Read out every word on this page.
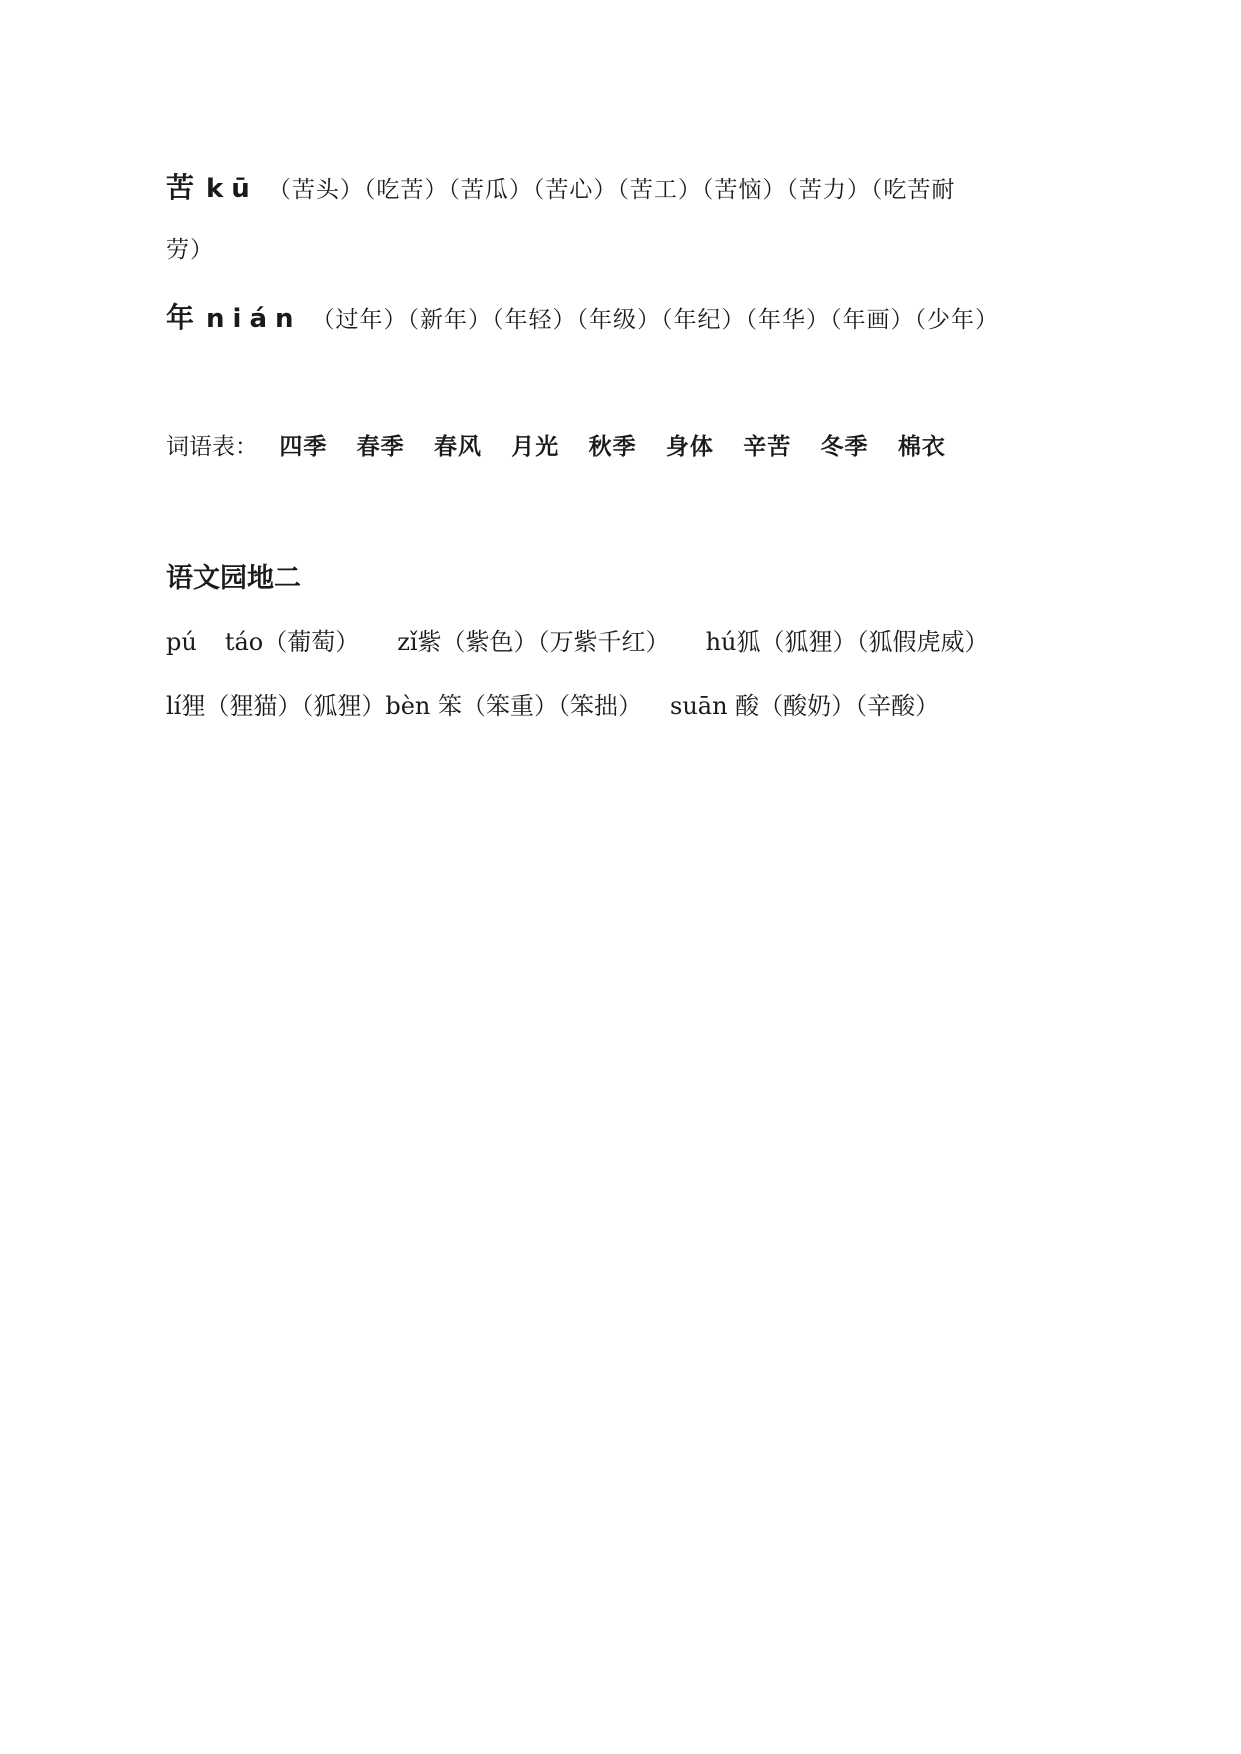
苦 kū （苦头）（吃苦）（苦瓜）（苦心）（苦工）（苦恼）（苦力）（吃苦耐
劳）
年 nián （过年）（新年）（年轻）（年级）（年纪）（年华）（年画）（少年）
词语表： 四季 春季 春风 月光 秋季 身体 辛苦 冬季 棉衣
语文园地二
pú táo（葡萄） zǐ紫（紫色）（万紫千红） hú狐（狐狸）（狐假虎威）
lí狸（狸猫）（狐狸）bèn 笨（笨重）（笨拙） suān 酸（酸奶）（辛酸）
